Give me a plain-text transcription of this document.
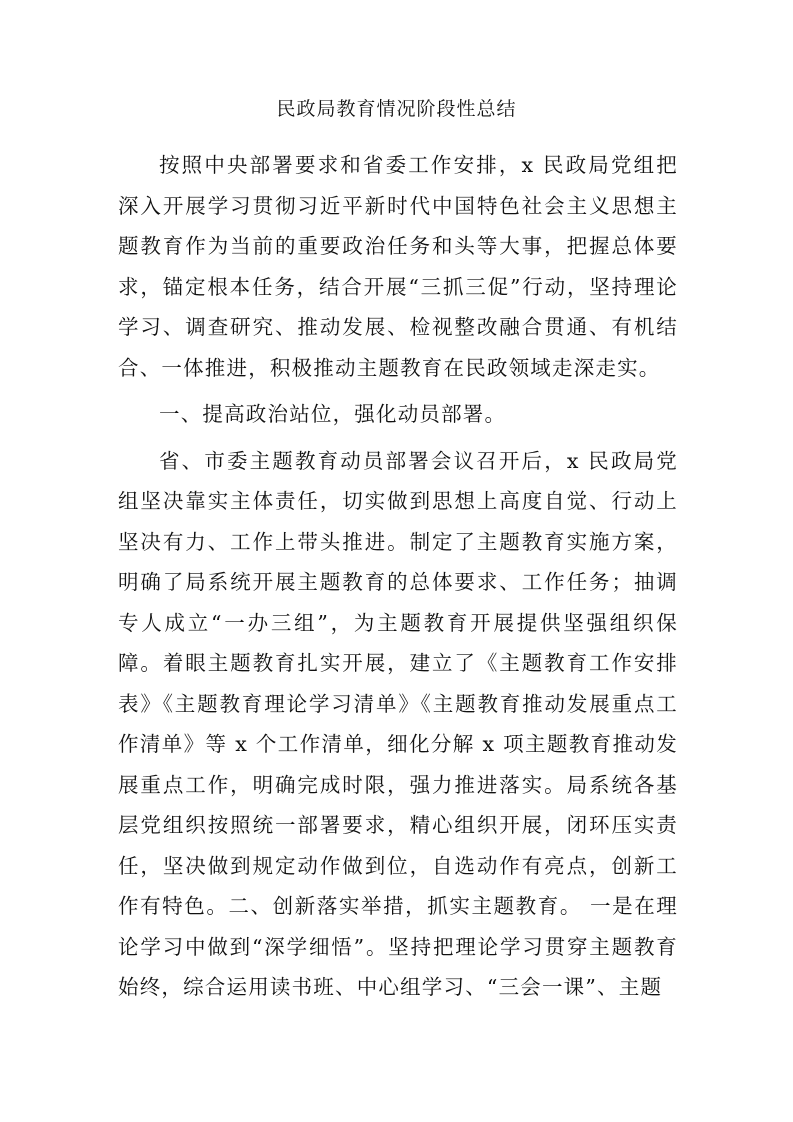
民政局教育情况阶段性总结

按照中央部署要求和省委工作安排，x 民政局党组把深入开展学习贯彻习近平新时代中国特色社会主义思想主题教育作为当前的重要政治任务和头等大事，把握总体要求，锚定根本任务，结合开展“三抓三促”行动，坚持理论学习、调查研究、推动发展、检视整改融合贯通、有机结合、一体推进，积极推动主题教育在民政领域走深走实。

一、提高政治站位，强化动员部署。

省、市委主题教育动员部署会议召开后，x 民政局党组坚决靠实主体责任，切实做到思想上高度自觉、行动上坚决有力、工作上带头推进。制定了主题教育实施方案，明确了局系统开展主题教育的总体要求、工作任务；抽调专人成立“一办三组”，为主题教育开展提供坚强组织保障。着眼主题教育扎实开展，建立了《主题教育工作安排表》《主题教育理论学习清单》《主题教育推动发展重点工作清单》等 x 个工作清单，细化分解 x 项主题教育推动发展重点工作，明确完成时限，强力推进落实。局系统各基层党组织按照统一部署要求，精心组织开展，闭环压实责任，坚决做到规定动作做到位，自选动作有亮点，创新工作有特色。二、创新落实举措，抓实主题教育。 一是在理论学习中做到“深学细悟”。坚持把理论学习贯穿主题教育始终，综合运用读书班、中心组学习、“三会一课”、主题
